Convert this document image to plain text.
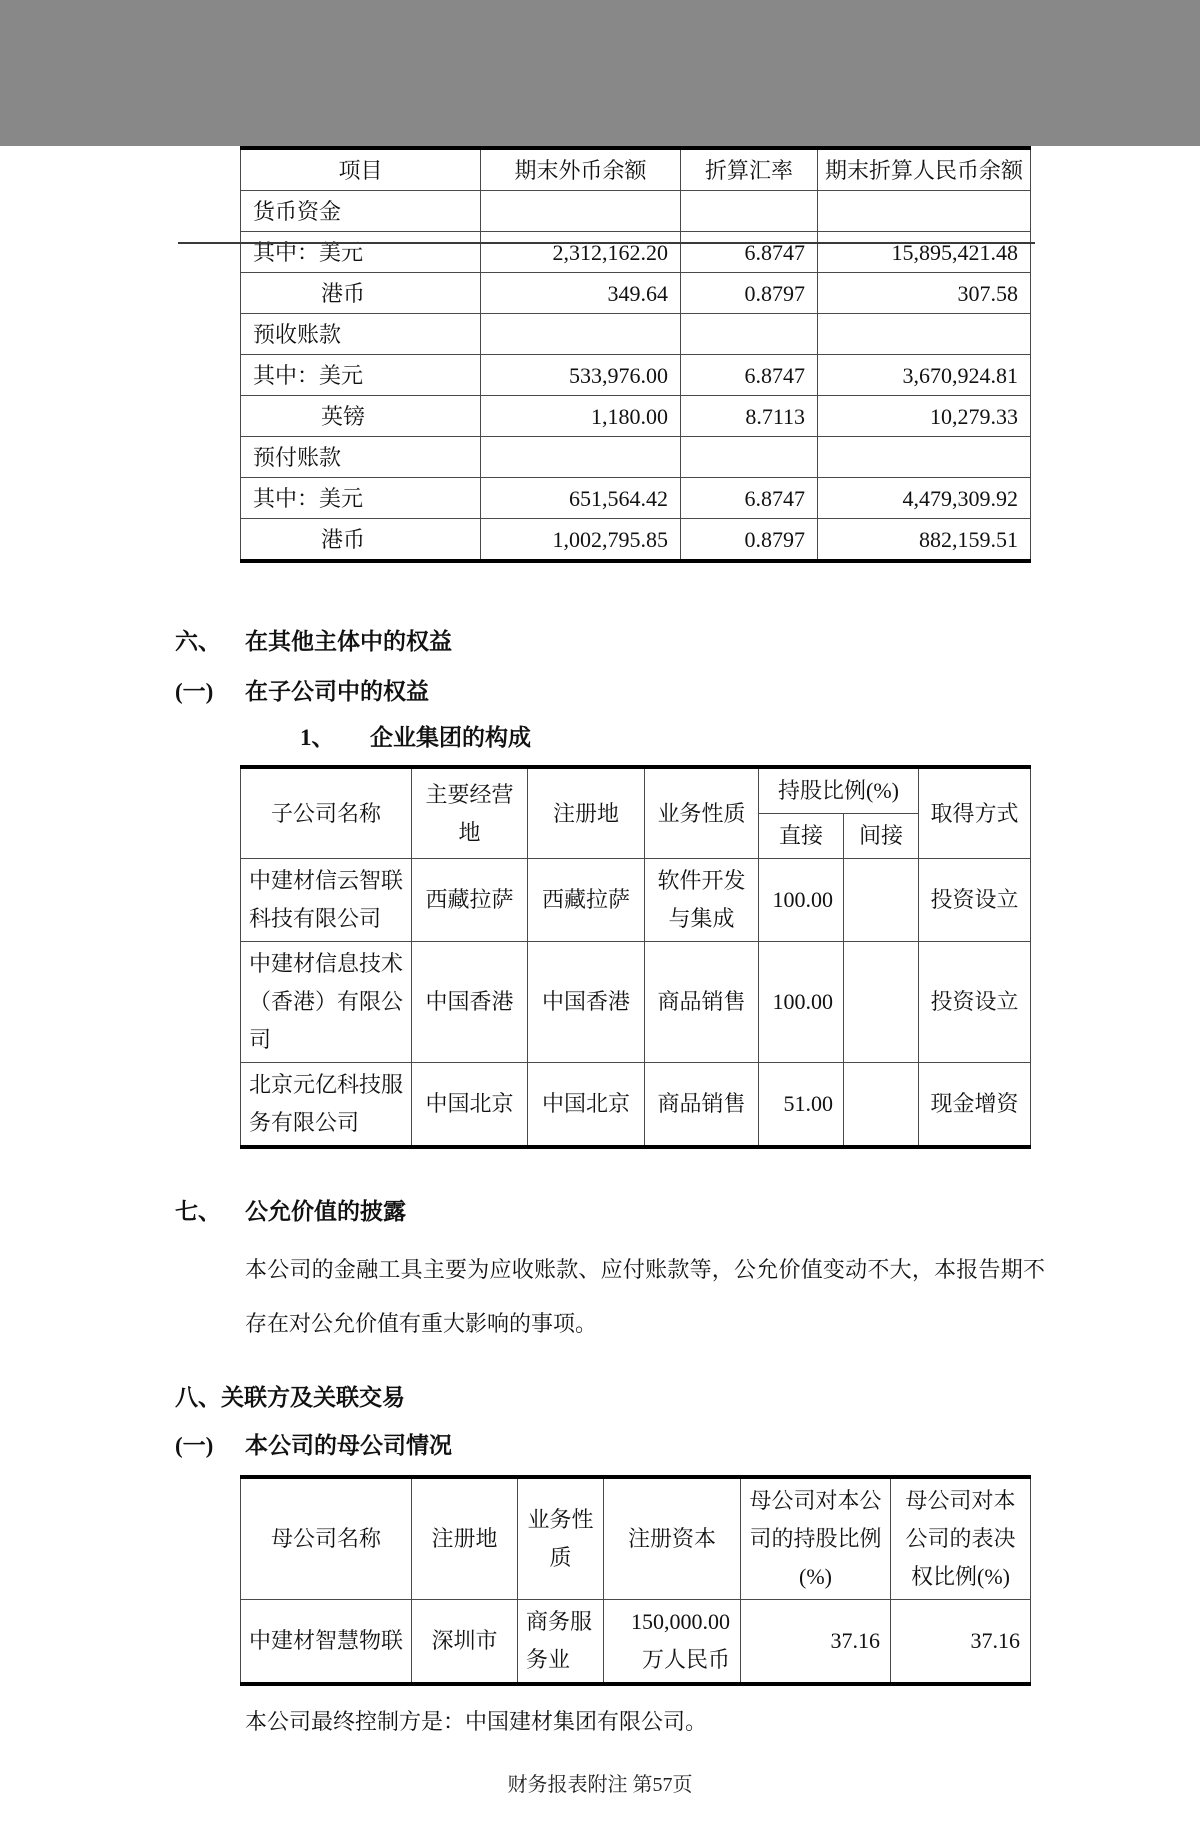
项目	期末外币余额	折算汇率	期末折算人民币余额
货币资金			
其中：美元	2,312,162.20	6.8747	15,895,421.48
港币	349.64	0.8797	307.58
预收账款			
其中：美元	533,976.00	6.8747	3,670,924.81
英镑	1,180.00	8.7113	10,279.33
预付账款			
其中：美元	651,564.42	6.8747	4,479,309.92
港币	1,002,795.85	0.8797	882,159.51
六、	在其他主体中的权益
(一)	在子公司中的权益
1、	企业集团的构成
子公司名称	主要经营地	注册地	业务性质	持股比例(%)		取得方式
				直接	间接	
中建材信云智联科技有限公司	西藏拉萨	西藏拉萨	软件开发与集成	100.00		投资设立
中建材信息技术（香港）有限公司	中国香港	中国香港	商品销售	100.00		投资设立
北京元亿科技服务有限公司	中国北京	中国北京	商品销售	51.00		现金增资
七、	公允价值的披露
本公司的金融工具主要为应收账款、应付账款等，公允价值变动不大，本报告期不存在对公允价值有重大影响的事项。
八、 关联方及关联交易
(一)	本公司的母公司情况
母公司名称	注册地	业务性质	注册资本	母公司对本公司的持股比例(%)	母公司对本公司的表决权比例(%)
中建材智慧物联	深圳市	商务服务业	150,000.00万人民币	37.16	37.16
本公司最终控制方是：中国建材集团有限公司。
财务报表附注 第57页
